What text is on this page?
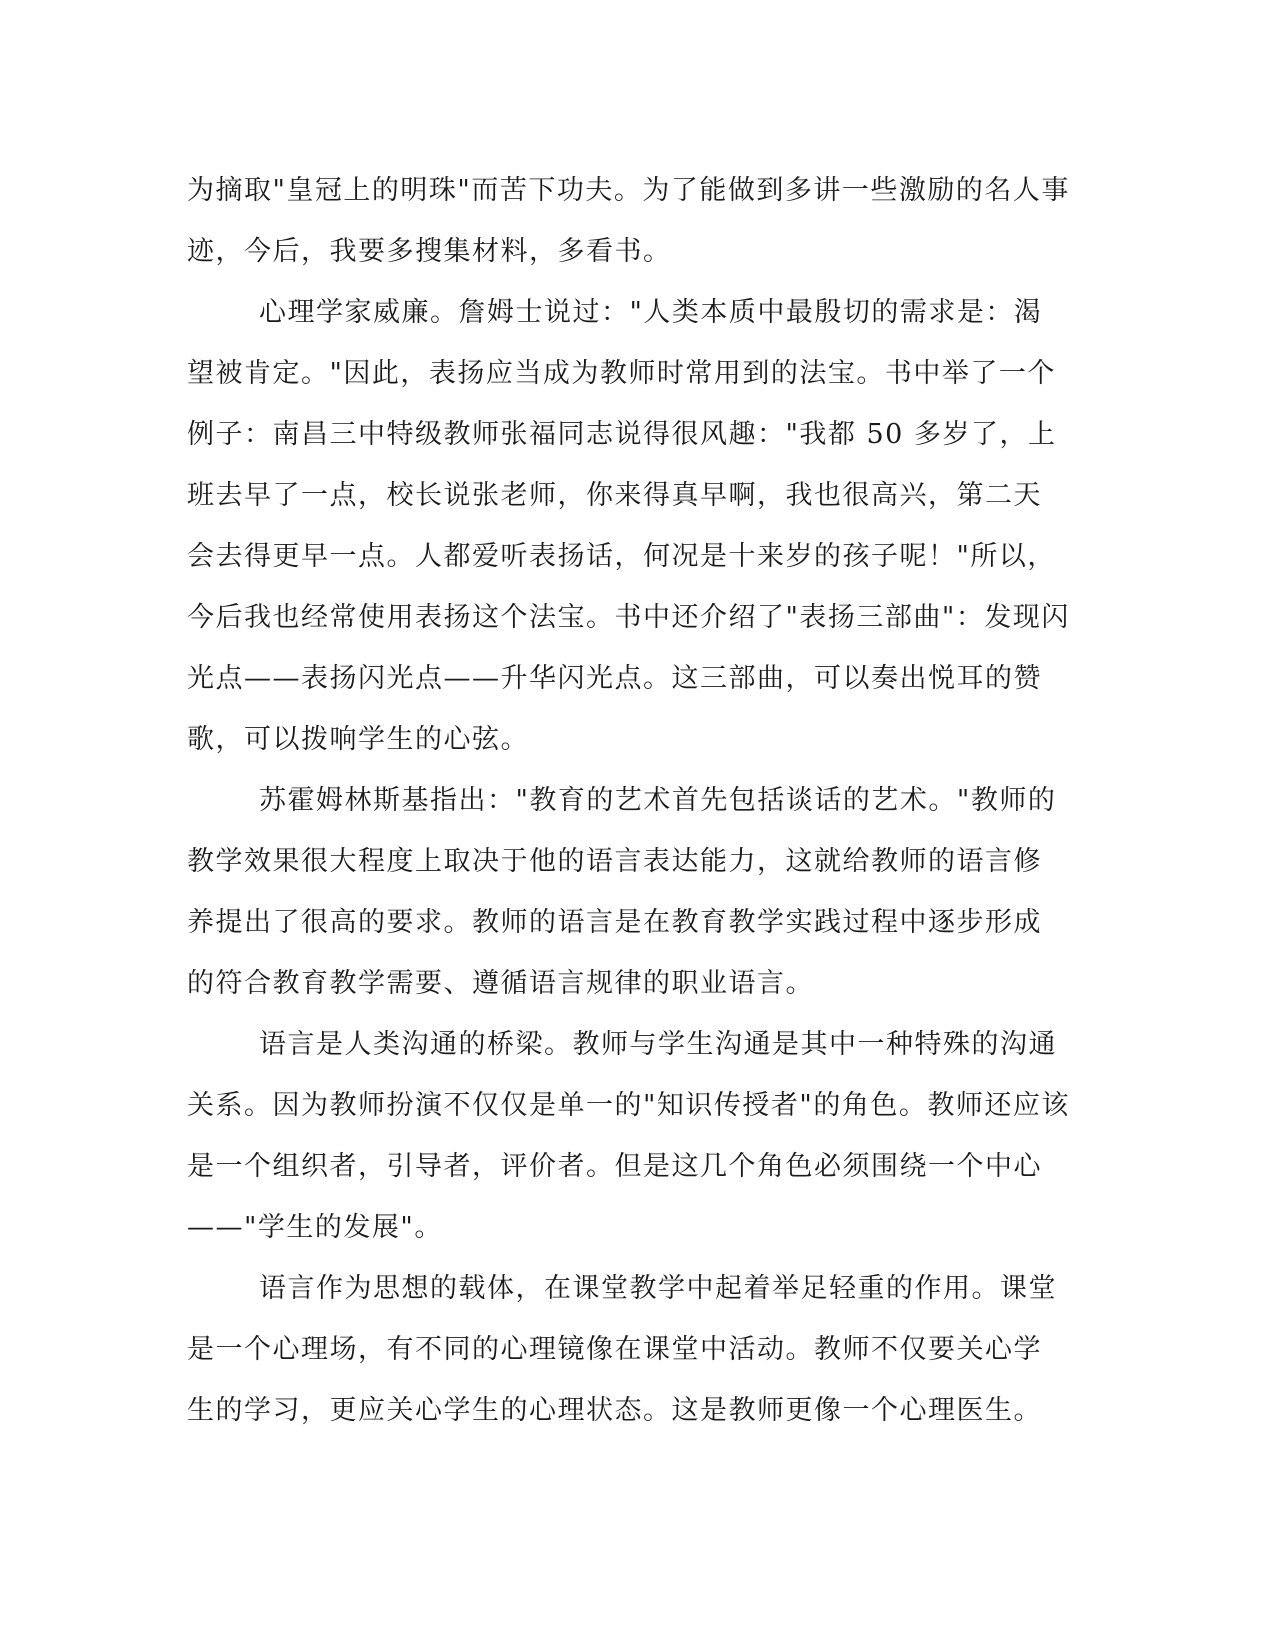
为摘取"皇冠上的明珠"而苦下功夫。为了能做到多讲一些激励的名人事
迹，今后，我要多搜集材料，多看书。

心理学家威廉。詹姆士说过："人类本质中最殷切的需求是：渴
望被肯定。"因此，表扬应当成为教师时常用到的法宝。书中举了一个
例子：南昌三中特级教师张福同志说得很风趣："我都 50 多岁了，上
班去早了一点，校长说张老师，你来得真早啊，我也很高兴，第二天
会去得更早一点。人都爱听表扬话，何况是十来岁的孩子呢！"所以，
今后我也经常使用表扬这个法宝。书中还介绍了"表扬三部曲"：发现闪
光点——表扬闪光点——升华闪光点。这三部曲，可以奏出悦耳的赞
歌，可以拨响学生的心弦。

苏霍姆林斯基指出："教育的艺术首先包括谈话的艺术。"教师的
教学效果很大程度上取决于他的语言表达能力，这就给教师的语言修
养提出了很高的要求。教师的语言是在教育教学实践过程中逐步形成
的符合教育教学需要、遵循语言规律的职业语言。

语言是人类沟通的桥梁。教师与学生沟通是其中一种特殊的沟通
关系。因为教师扮演不仅仅是单一的"知识传授者"的角色。教师还应该
是一个组织者，引导者，评价者。但是这几个角色必须围绕一个中心
——"学生的发展"。

语言作为思想的载体，在课堂教学中起着举足轻重的作用。课堂
是一个心理场，有不同的心理镜像在课堂中活动。教师不仅要关心学
生的学习，更应关心学生的心理状态。这是教师更像一个心理医生。
